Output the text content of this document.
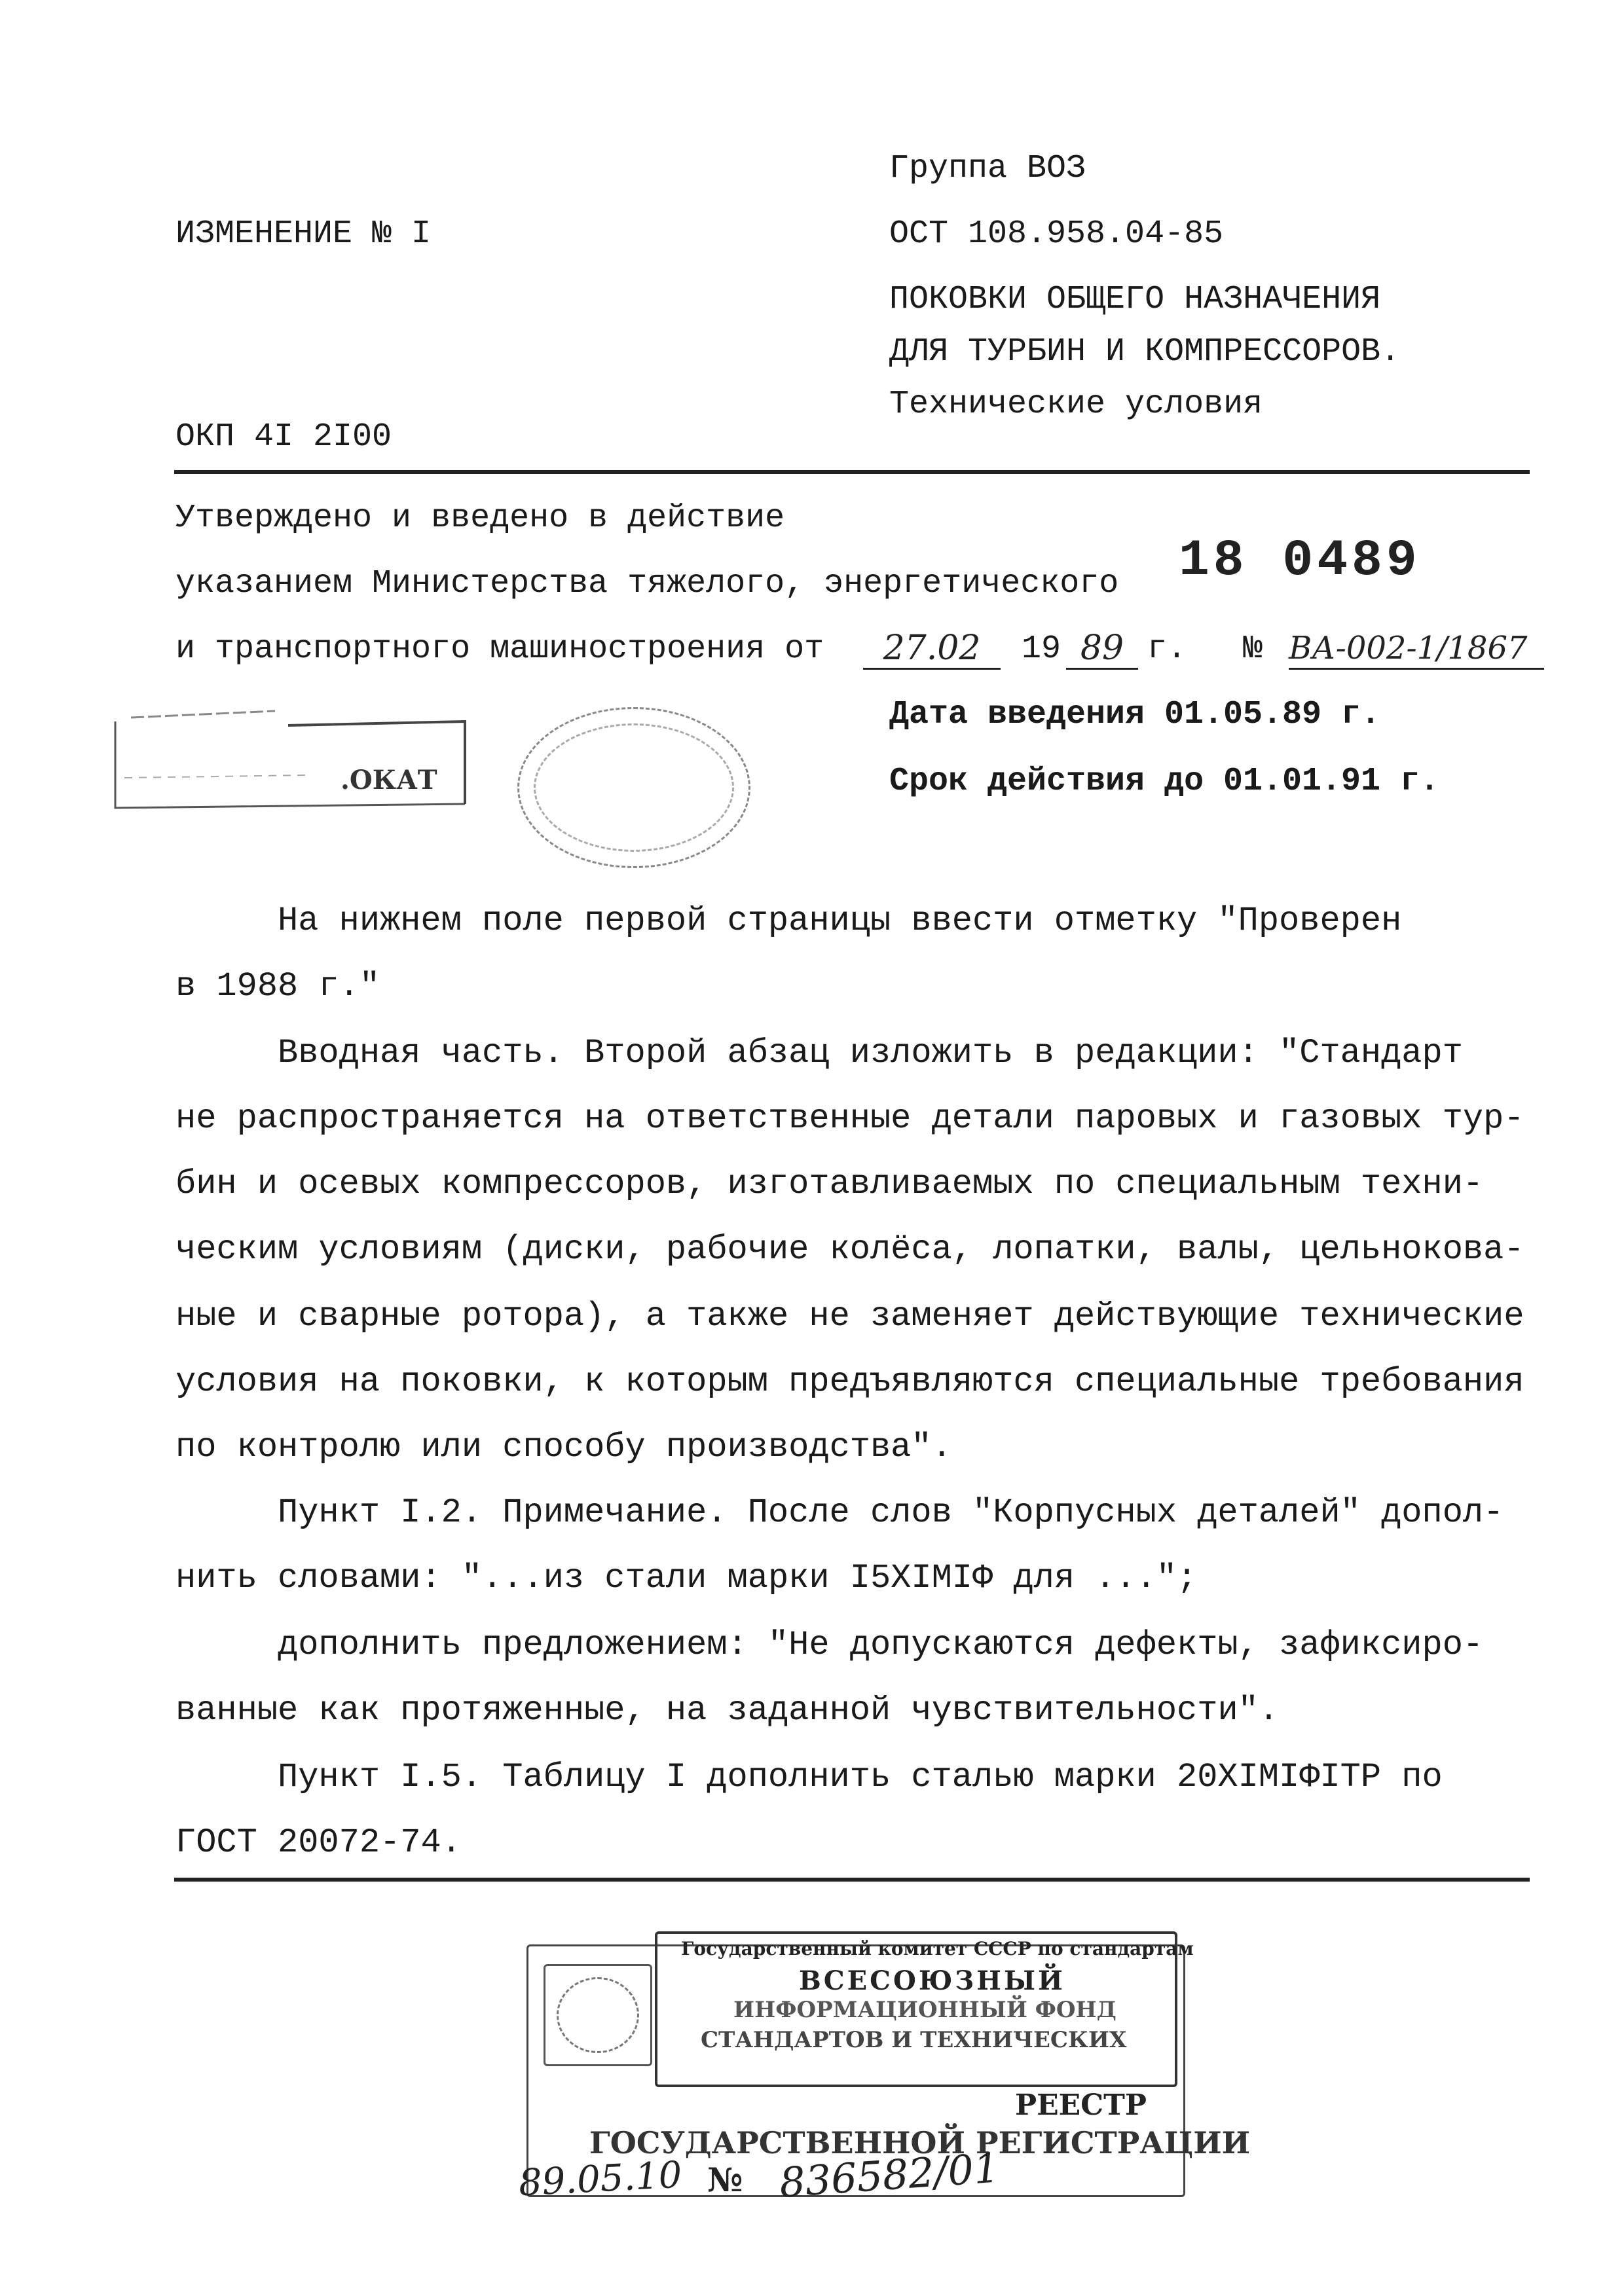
Группа ВОЗ

ИЗМЕНЕНИЕ № I	ОСТ 108.958.04-85

ПОКОВКИ ОБЩЕГО НАЗНАЧЕНИЯ

ДЛЯ ТУРБИН И КОМПРЕССОРОВ.

Технические условия

ОКП 4I 2I00

Утверждено и введено в действие

указанием Министерства тяжелого, энергетического

и транспортного машиностроения от	27.02	19 89 г. № ВА-002-1/1867
18 0489
Дата введения 01.05.89 г.
Срок действия до 01.01.91 г.
.ОКАТ

На нижнем поле первой страницы ввести отметку "Проверен

в 1988 г."

Вводная часть. Второй абзац изложить в редакции: "Стандарт

не распространяется на ответственные детали паровых и газовых тур-

бин и осевых компрессоров, изготавливаемых по специальным техни-

ческим условиям (диски, рабочие колёса, лопатки, валы, цельнокова-

ные и сварные ротора), а также не заменяет действующие технические

условия на поковки, к которым предъявляются специальные требования

по контролю или способу производства".

Пункт I.2. Примечание. После слов "Корпусных деталей" допол-

нить словами: "...из стали марки I5XIMIФ для ...";

дополнить предложением: "Не допускаются дефекты, зафиксиро-

ванные как протяженные, на заданной чувствительности".

Пункт I.5. Таблицу I дополнить сталью марки 20XIMIФITP по

ГОСТ 20072-74.

Государственный комитет СССР по стандартам
ВСЕСОЮЗНЫЙ
ИНФОРМАЦИОННЫЙ ФОНД
СТАНДАРТОВ И ТЕХНИЧЕСКИХ
РЕЕСТР
ГОСУДАРСТВЕННОЙ РЕГИСТРАЦИИ
89.05.10 № 836582/01
